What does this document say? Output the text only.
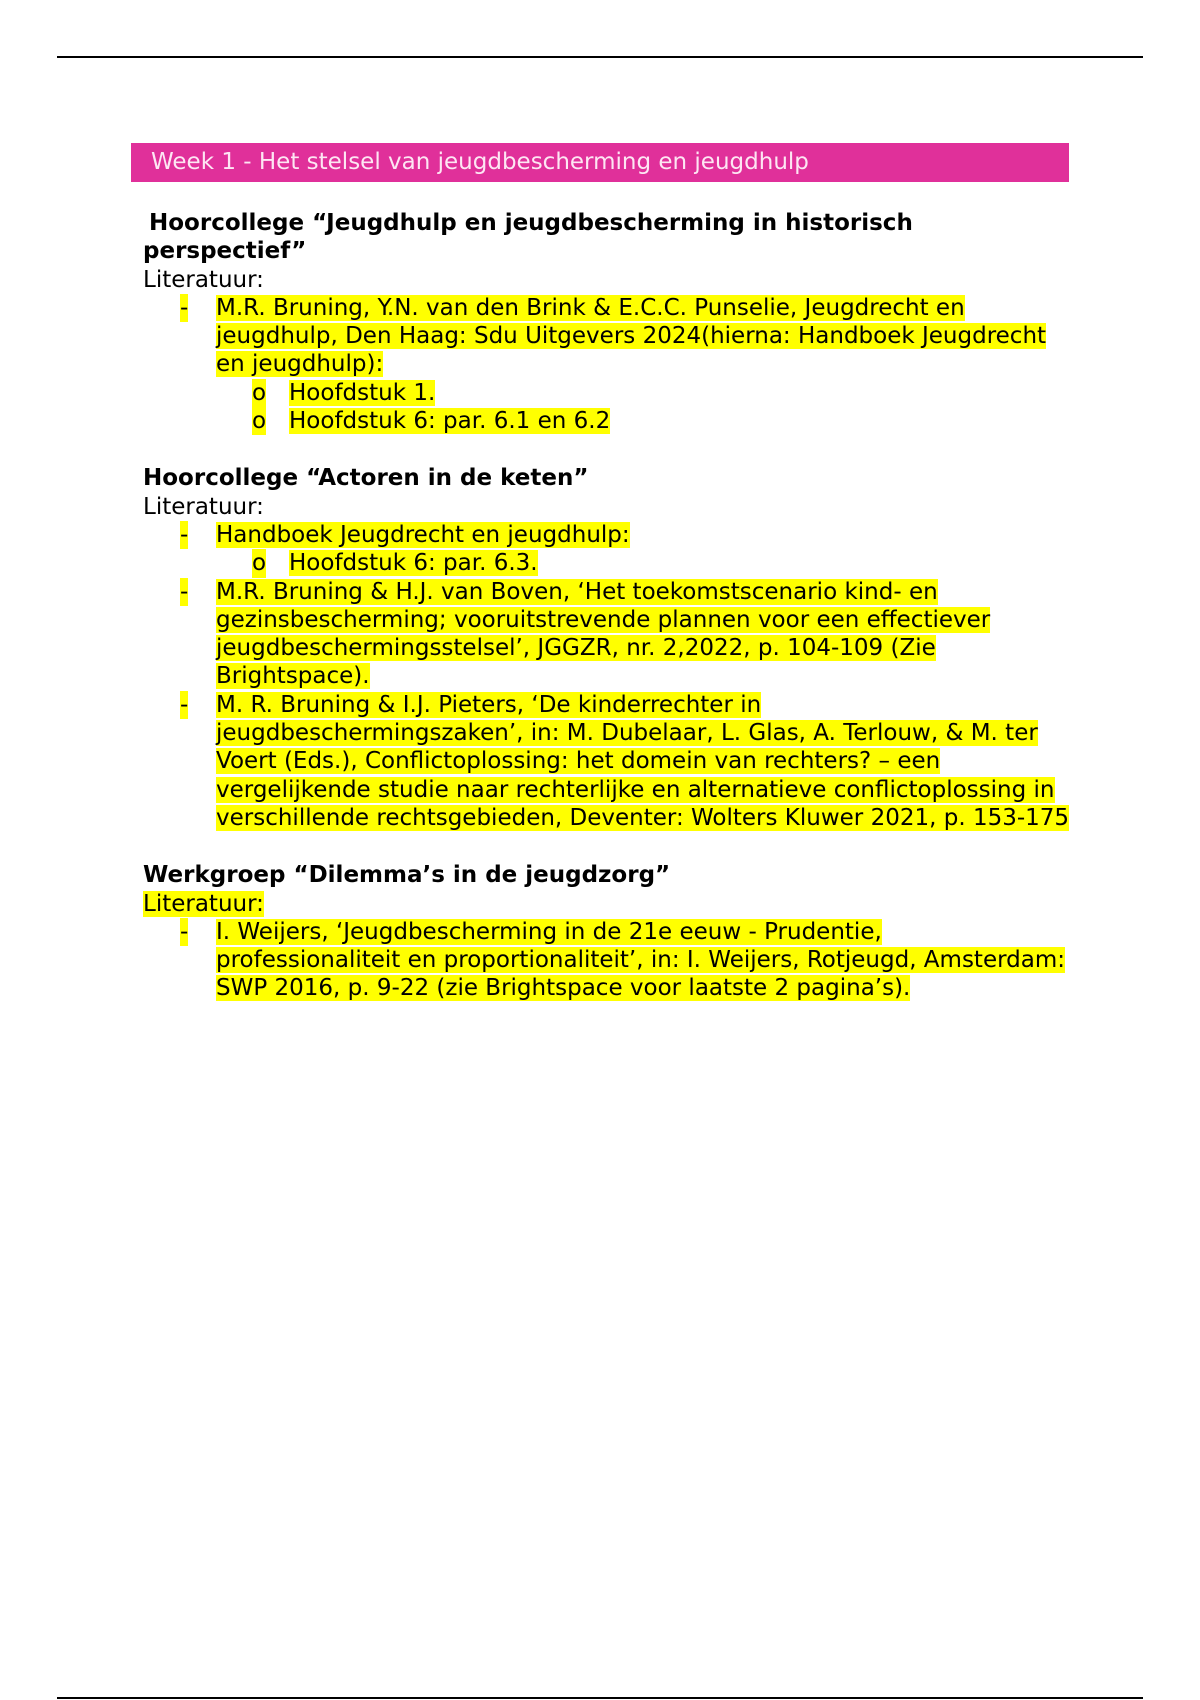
Week 1 - Het stelsel van jeugdbescherming en jeugdhulp
Hoorcollege “Jeugdhulp en jeugdbescherming in historisch
perspectief”
Literatuur:
- M.R. Bruning, Y.N. van den Brink & E.C.C. Punselie, Jeugdrecht en jeugdhulp, Den Haag: Sdu Uitgevers 2024(hierna: Handboek Jeugdrecht en jeugdhulp):
o Hoofdstuk 1.
o Hoofdstuk 6: par. 6.1 en 6.2
Hoorcollege “Actoren in de keten”
Literatuur:
- Handboek Jeugdrecht en jeugdhulp:
o Hoofdstuk 6: par. 6.3.
- M.R. Bruning & H.J. van Boven, ‘Het toekomstscenario kind- en gezinsbescherming; vooruitstrevende plannen voor een effectiever jeugdbeschermingsstelsel’, JGGZR, nr. 2,2022, p. 104-109 (Zie Brightspace).
- M. R. Bruning & I.J. Pieters, ‘De kinderrechter in jeugdbeschermingszaken’, in: M. Dubelaar, L. Glas, A. Terlouw, & M. ter Voert (Eds.), Conflictoplossing: het domein van rechters? – een vergelijkende studie naar rechterlijke en alternatieve conflictoplossing in verschillende rechtsgebieden, Deventer: Wolters Kluwer 2021, p. 153-175
Werkgroep “Dilemma’s in de jeugdzorg”
Literatuur:
- I. Weijers, ‘Jeugdbescherming in de 21e eeuw - Prudentie, professionaliteit en proportionaliteit’, in: I. Weijers, Rotjeugd, Amsterdam: SWP 2016, p. 9-22 (zie Brightspace voor laatste 2 pagina’s).
